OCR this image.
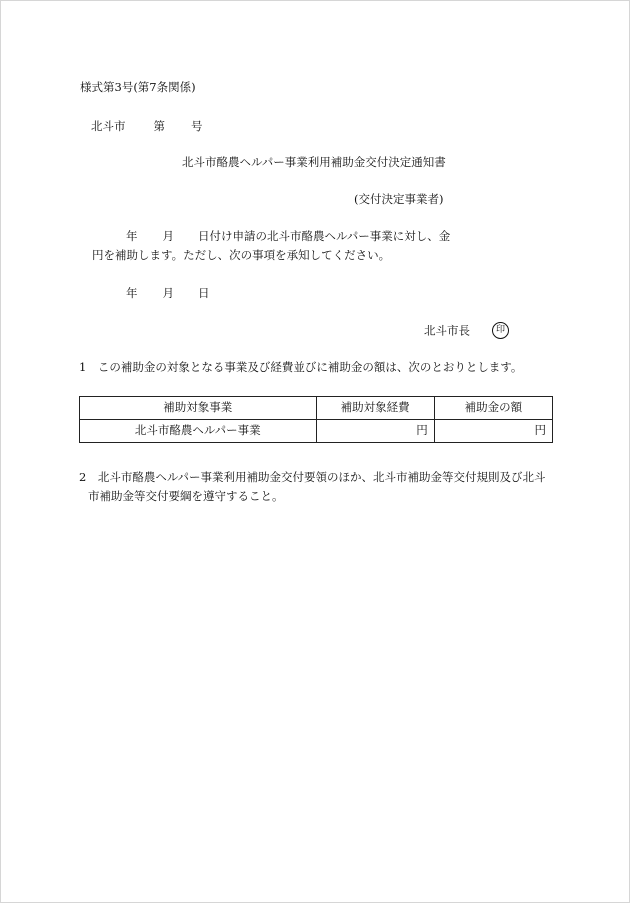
様式第3号(第7条関係)
北斗市 第 号
北斗市酪農ヘルパー事業利用補助金交付決定通知書
(交付決定事業者)
年 月 日付け申請の北斗市酪農ヘルパー事業に対し、金
円を補助します。ただし、次の事項を承知してください。
年 月 日
北斗市長	印
1　この補助金の対象となる事業及び経費並びに補助金の額は、次のとおりとします。
補助対象事業	補助対象経費	補助金の額
北斗市酪農ヘルパー事業	円	円
2　北斗市酪農ヘルパー事業利用補助金交付要領のほか、北斗市補助金等交付規則及び北斗
市補助金等交付要綱を遵守すること。
